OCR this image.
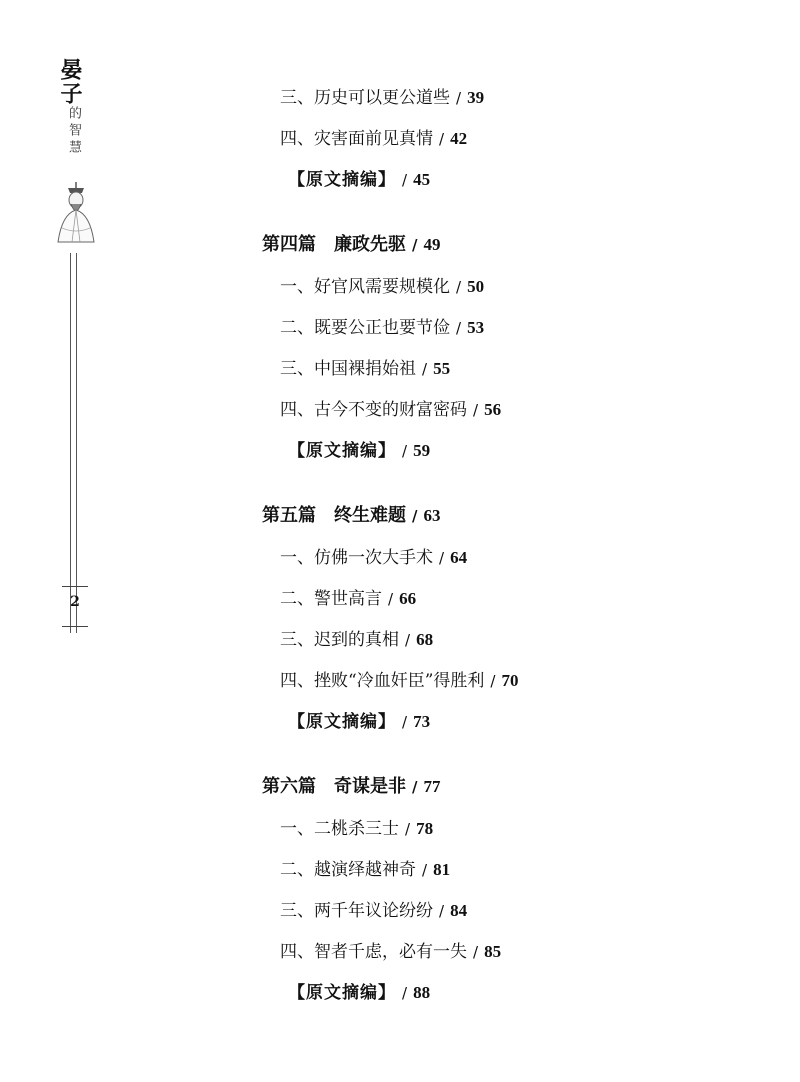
晏子
的智慧
2
三、历史可以更公道些 / 39
四、灾害面前见真情 / 42
【原文摘编】 / 45
第四篇 廉政先驱 / 49
一、好官风需要规模化 / 50
二、既要公正也要节俭 / 53
三、中国裸捐始祖 / 55
四、古今不变的财富密码 / 56
【原文摘编】 / 59
第五篇 终生难题 / 63
一、仿佛一次大手术 / 64
二、警世高言 / 66
三、迟到的真相 / 68
四、挫败“冷血奸臣”得胜利 / 70
【原文摘编】 / 73
第六篇 奇谋是非 / 77
一、二桃杀三士 / 78
二、越演绎越神奇 / 81
三、两千年议论纷纷 / 84
四、智者千虑，必有一失 / 85
【原文摘编】 / 88
